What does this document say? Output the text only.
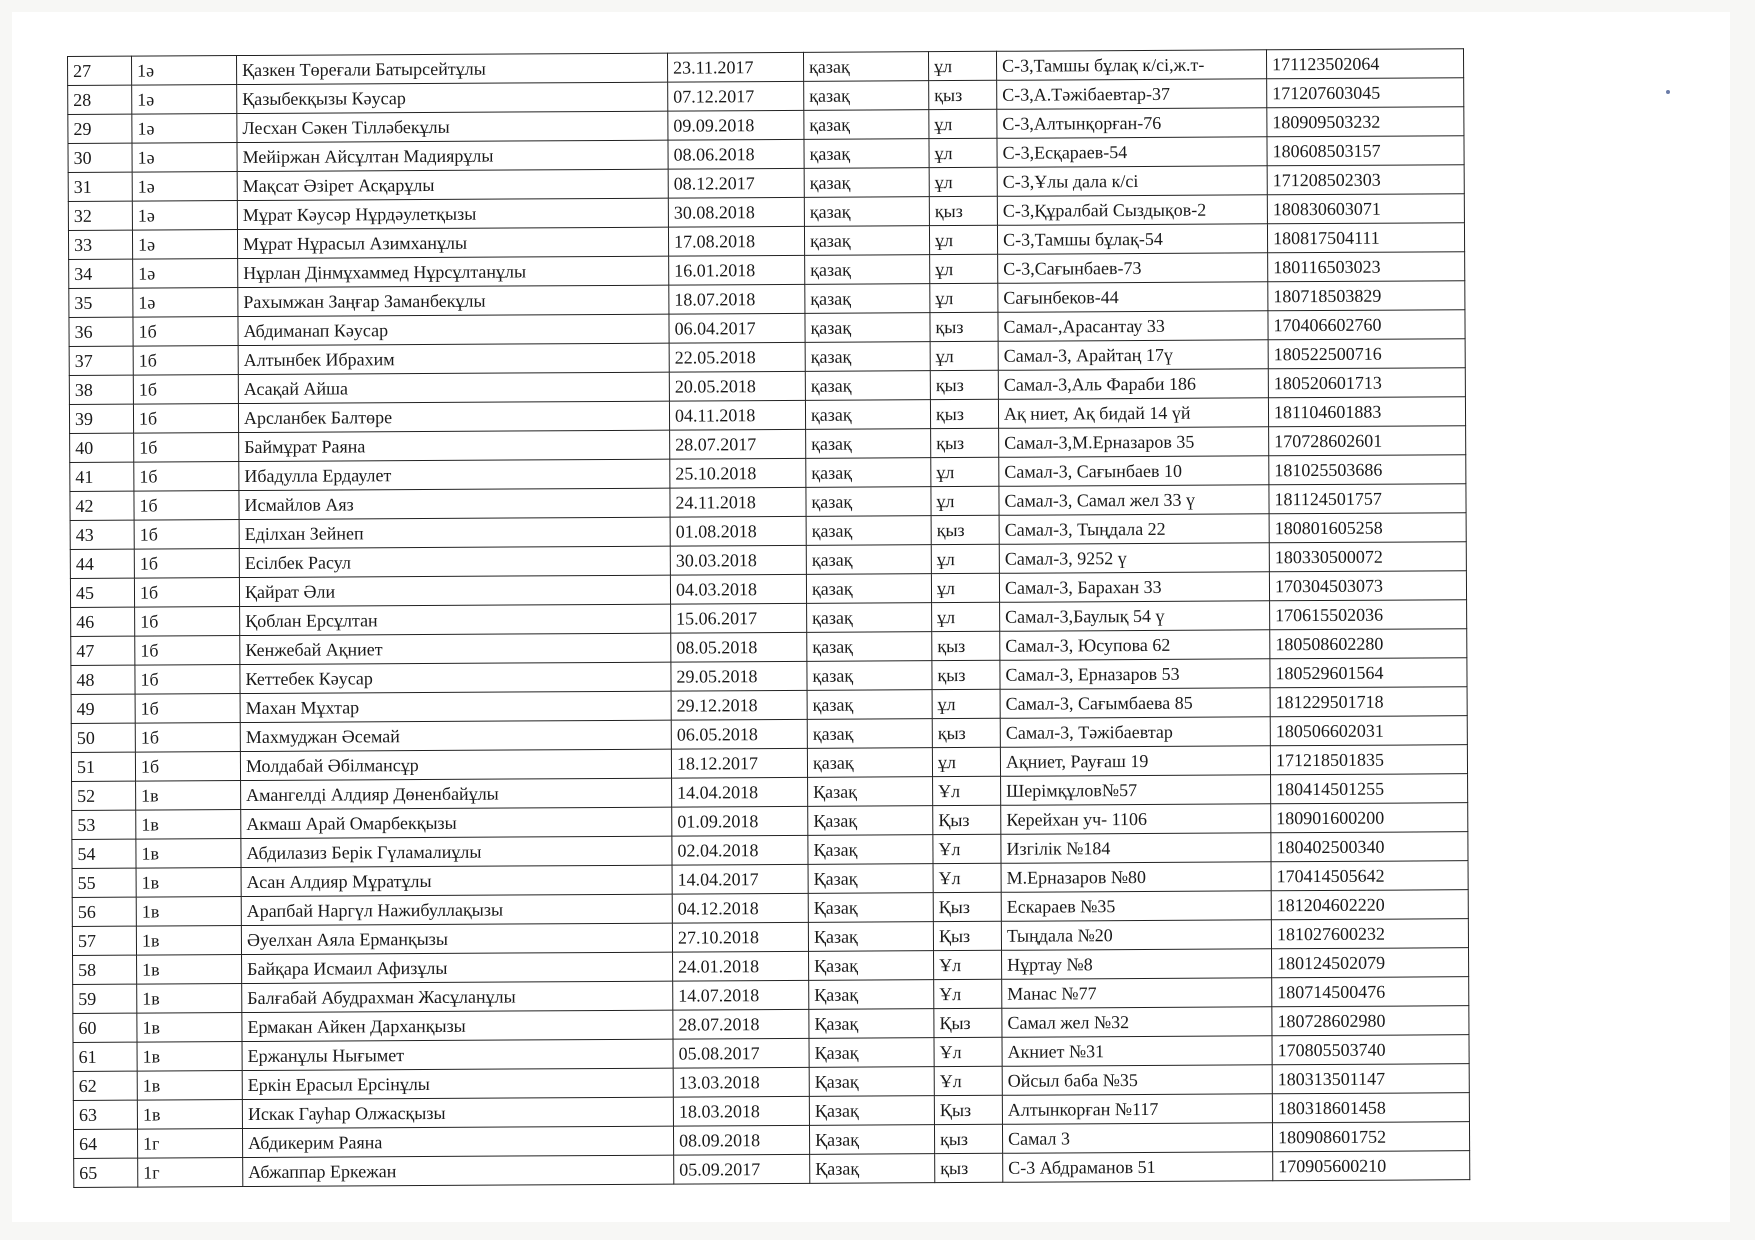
27	1ә	Қазкен Төреғали Батырсейтұлы	23.11.2017	қазақ	ұл	С-3,Тамшы бұлақ к/сі,ж.т-	171123502064
28	1ә	Қазыбекқызы Кәусар	07.12.2017	қазақ	қыз	С-3,А.Тәжібаевтар-37	171207603045
29	1ә	Лесхан Сәкен Тілләбекұлы	09.09.2018	қазақ	ұл	С-3,Алтынқорған-76	180909503232
30	1ә	Мейіржан Айсұлтан Мадиярұлы	08.06.2018	қазақ	ұл	С-3,Есқараев-54	180608503157
31	1ә	Мақсат Әзірет Асқарұлы	08.12.2017	қазақ	ұл	С-3,Ұлы дала к/сі	171208502303
32	1ә	Мұрат Кәусәр Нұрдәулетқызы	30.08.2018	қазақ	қыз	С-3,Құралбай Сыздықов-2	180830603071
33	1ә	Мұрат Нұрасыл Азимханұлы	17.08.2018	қазақ	ұл	С-3,Тамшы бұлақ-54	180817504111
34	1ә	Нұрлан Дінмұхаммед Нұрсұлтанұлы	16.01.2018	қазақ	ұл	С-3,Сағынбаев-73	180116503023
35	1ә	Рахымжан Заңғар Заманбекұлы	18.07.2018	қазақ	ұл	Сағынбеков-44	180718503829
36	1б	Абдиманап Кәусар	06.04.2017	қазақ	қыз	Самал-,Арасантау 33	170406602760
37	1б	Алтынбек Ибрахим	22.05.2018	қазақ	ұл	Самал-3, Арайтаң 17ү	180522500716
38	1б	Асақай Айша	20.05.2018	қазақ	қыз	Самал-3,Аль Фараби 186	180520601713
39	1б	Арсланбек Балтөре	04.11.2018	қазақ	қыз	Ақ ниет, Ақ бидай 14 үй	181104601883
40	1б	Баймұрат Раяна	28.07.2017	қазақ	қыз	Самал-3,М.Ерназаров 35	170728602601
41	1б	Ибадулла Ердаулет	25.10.2018	қазақ	ұл	Самал-3, Сағынбаев 10	181025503686
42	1б	Исмайлов Аяз	24.11.2018	қазақ	ұл	Самал-3, Самал жел 33 ү	181124501757
43	1б	Еділхан Зейнеп	01.08.2018	қазақ	қыз	Самал-3, Тыңдала 22	180801605258
44	1б	Есілбек Расул	30.03.2018	қазақ	ұл	Самал-3, 9252 ү	180330500072
45	1б	Қайрат Әли	04.03.2018	қазақ	ұл	Самал-3, Барахан 33	170304503073
46	1б	Қоблан Ерсұлтан	15.06.2017	қазақ	ұл	Самал-3,Баулық 54 ү	170615502036
47	1б	Кенжебай Ақниет	08.05.2018	қазақ	қыз	Самал-3, Юсупова 62	180508602280
48	1б	Кеттебек Кәусар	29.05.2018	қазақ	қыз	Самал-3, Ерназаров 53	180529601564
49	1б	Махан Мұхтар	29.12.2018	қазақ	ұл	Самал-3, Сағымбаева 85	181229501718
50	1б	Махмуджан Әсемай	06.05.2018	қазақ	қыз	Самал-3, Тәжібаевтар	180506602031
51	1б	Молдабай Әбілмансұр	18.12.2017	қазақ	ұл	Ақниет, Рауғаш 19	171218501835
52	1в	Амангелді Алдияр Дөненбайұлы	14.04.2018	Қазақ	Ұл	Шерімқұлов№57	180414501255
53	1в	Акмаш Арай Омарбекқызы	01.09.2018	Қазақ	Қыз	Керейхан уч- 1106	180901600200
54	1в	Абдилазиз Берік Гүламалиұлы	02.04.2018	Қазақ	Ұл	Изгілік №184	180402500340
55	1в	Асан Алдияр Мұратұлы	14.04.2017	Қазақ	Ұл	М.Ерназаров №80	170414505642
56	1в	Арапбай Наргүл Нажибуллақызы	04.12.2018	Қазақ	Қыз	Ескараев №35	181204602220
57	1в	Әуелхан Аяла Ерманқызы	27.10.2018	Қазақ	Қыз	Тыңдала №20	181027600232
58	1в	Байқара Исмаил Афизұлы	24.01.2018	Қазақ	Ұл	Нұртау №8	180124502079
59	1в	Балғабай Абудрахман Жасұланұлы	14.07.2018	Қазақ	Ұл	Манас №77	180714500476
60	1в	Ермакан Айкен Дарханқызы	28.07.2018	Қазақ	Қыз	Самал жел №32	180728602980
61	1в	Ержанұлы Нығымет	05.08.2017	Қазақ	Ұл	Акниет №31	170805503740
62	1в	Еркін Ерасыл Ерсінұлы	13.03.2018	Қазақ	Ұл	Ойсыл баба №35	180313501147
63	1в	Искак Гауһар Олжасқызы	18.03.2018	Қазақ	Қыз	Алтынкорған №117	180318601458
64	1г	Абдикерим Раяна	08.09.2018	Қазақ	қыз	Самал 3	180908601752
65	1г	Абжаппар Еркежан	05.09.2017	Қазақ	қыз	С-3 Абдраманов 51	170905600210
